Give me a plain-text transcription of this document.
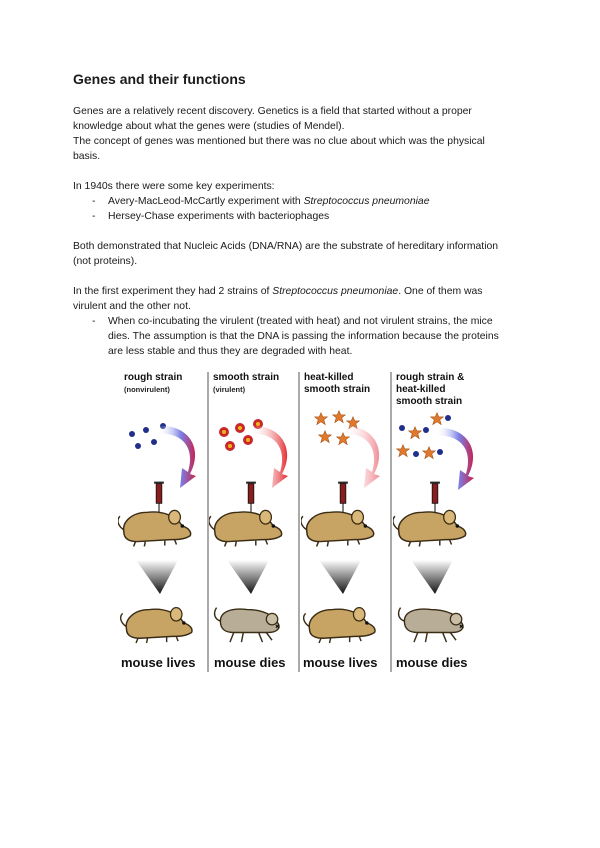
Genes and their functions
Genes are a relatively recent discovery. Genetics is a field that started without a proper
knowledge about what the genes were (studies of Mendel).
The concept of genes was mentioned but there was no clue about which was the physical
basis.
In 1940s there were some key experiments:
- Avery-MacLeod-McCartly experiment with Streptococcus pneumoniae
- Hersey-Chase experiments with bacteriophages
Both demonstrated that Nucleic Acids (DNA/RNA) are the substrate of hereditary information
(not proteins).
In the first experiment they had 2 strains of Streptococcus pneumoniae. One of them was
virulent and the other not.
- When co-incubating the virulent (treated with heat) and not virulent strains, the mice
dies. The assumption is that the DNA is passing the information because the proteins
are less stable and thus they are degraded with heat.
rough strain
(nonvirulent)
smooth strain
(virulent)
heat-killed
smooth strain
rough strain &
heat-killed
smooth strain
mouse lives mouse dies mouse lives mouse dies
